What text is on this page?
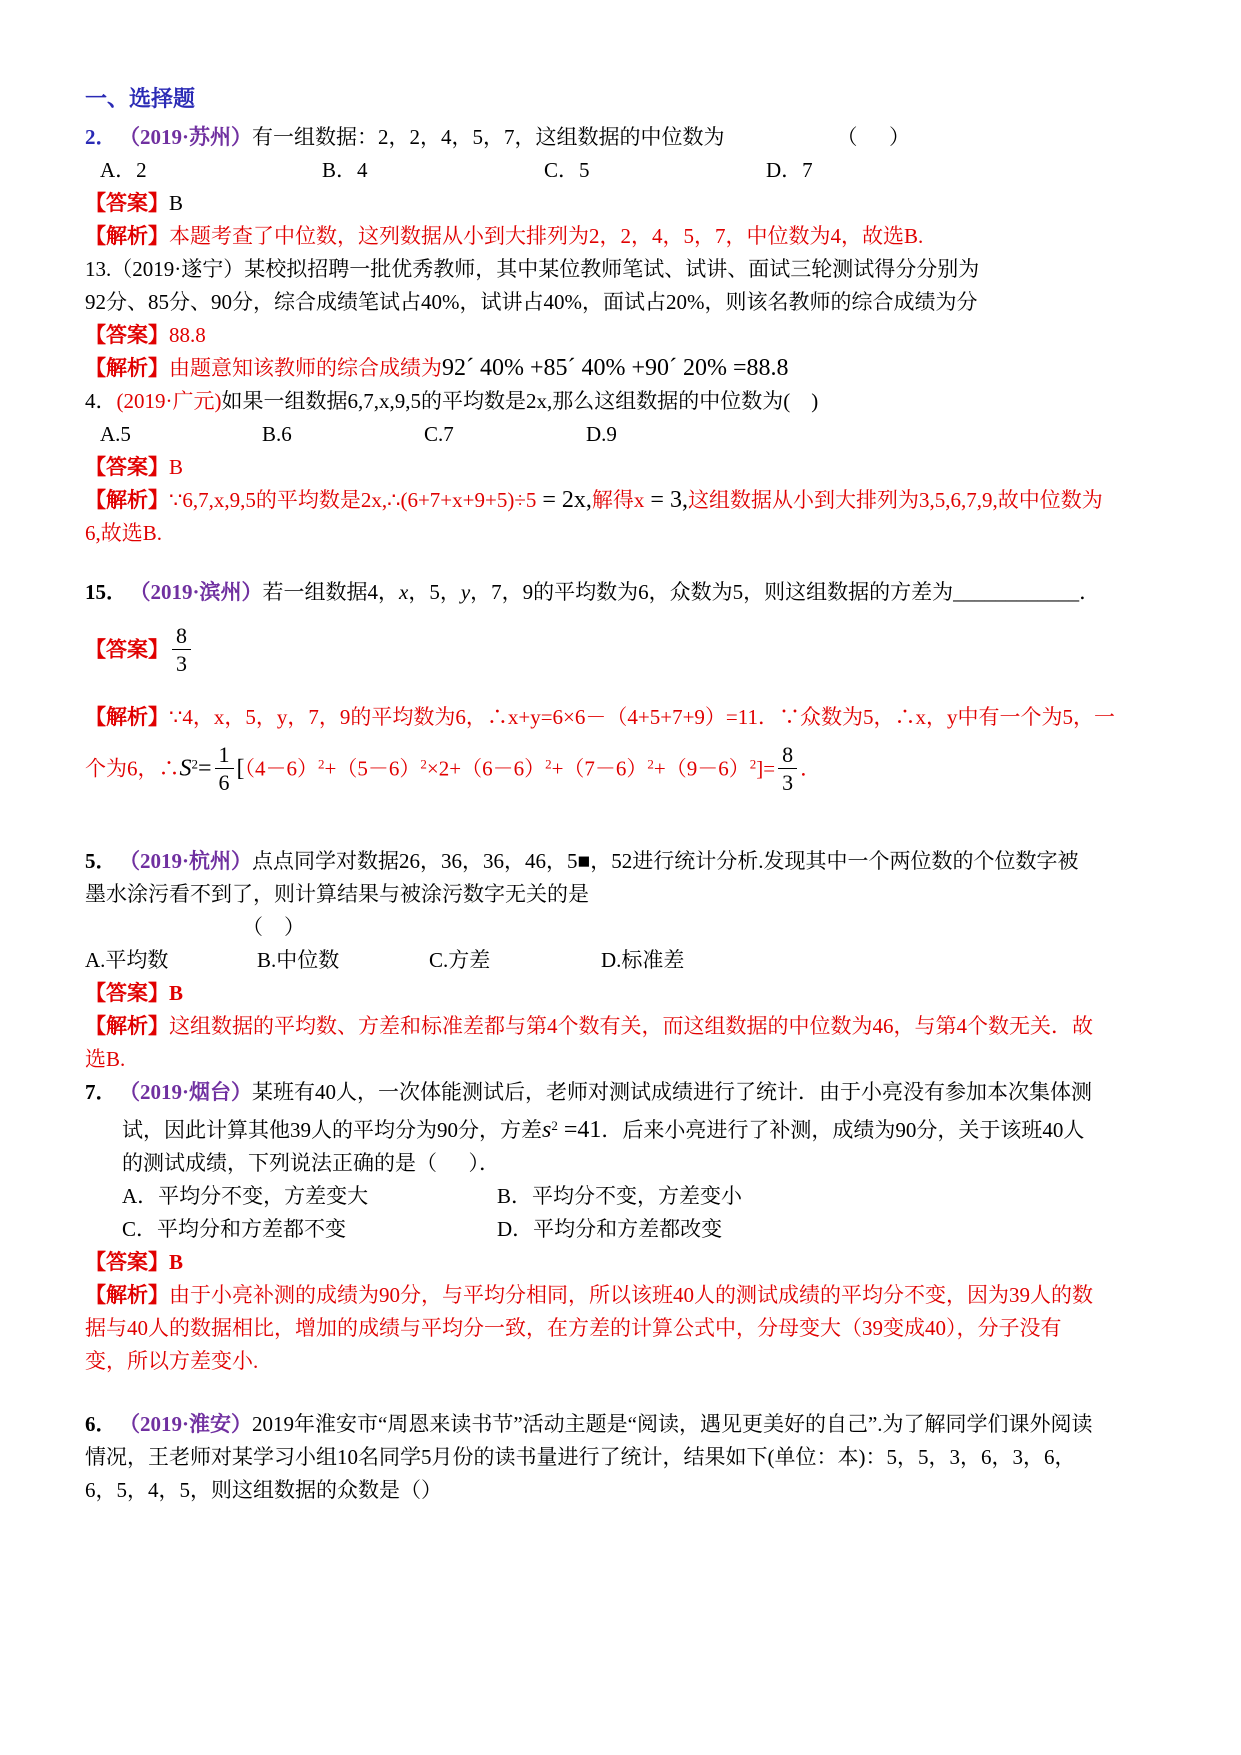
一、选择题
2． （2019·苏州）有一组数据：2，2，4，5，7，这组数据的中位数为	（      ）
A．2	B．4	C．5	D．7
【答案】B
【解析】本题考查了中位数，这列数据从小到大排列为2，2，4，5，7，中位数为4，故选B.
13.（2019·遂宁）某校拟招聘一批优秀教师，其中某位教师笔试、试讲、面试三轮测试得分分别为
92分、85分、90分，综合成绩笔试占40%，试讲占40%，面试占20%，则该名教师的综合成绩为分
【答案】88.8
【解析】由题意知该教师的综合成绩为92´ 40% +85´ 40% +90´ 20% =88.8
4．(2019·广元)如果一组数据6,7,x,9,5的平均数是2x,那么这组数据的中位数为(　)
A.5	B.6	C.7	D.9
【答案】B
【解析】∵6,7,x,9,5的平均数是2x,∴(6+7+x+9+5)÷5 = 2x,解得x = 3,这组数据从小到大排列为3,5,6,7,9,故中位数为
6,故选B.
15． （2019·滨州）若一组数据4，x，5，y，7，9的平均数为6，众数为5，则这组数据的方差为____________．
【答案】 $\frac{8}{3}$
【解析】∵4，x，5，y，7，9的平均数为6，∴x+y=6×6－（4+5+7+9）=11．∵众数为5，∴x，y中有一个为5，一
个为6，$\therefore S^2= \frac{1}{6} [(4-6)^2+(5-6)^2\times 2+(6-6)^2+(7-6)^2+(9-6)^2]= \frac{8}{3}$ ．
5． （2019·杭州）点点同学对数据26，36，36，46，5■，52进行统计分析.发现其中一个两位数的个位数字被
墨水涂污看不到了，则计算结果与被涂污数字无关的是
（    ）
A.平均数	B.中位数	C.方差	D.标准差
【答案】B
【解析】这组数据的平均数、方差和标准差都与第4个数有关，而这组数据的中位数为46，与第4个数无关．故
选B.
7． （2019·烟台）某班有40人，一次体能测试后，老师对测试成绩进行了统计．由于小亮没有参加本次集体测
试，因此计算其他39人的平均分为90分，方差$s^2 =41$．后来小亮进行了补测，成绩为90分，关于该班40人
的测试成绩，下列说法正确的是（      ）．
A．平均分不变，方差变大	B．平均分不变，方差变小
C．平均分和方差都不变	D．平均分和方差都改变
【答案】B
【解析】由于小亮补测的成绩为90分，与平均分相同，所以该班40人的测试成绩的平均分不变，因为39人的数
据与40人的数据相比，增加的成绩与平均分一致，在方差的计算公式中，分母变大（39变成40），分子没有
变，所以方差变小.
6． （2019·淮安）2019年淮安市“周恩来读书节”活动主题是“阅读，遇见更美好的自己”.为了解同学们课外阅读
情况，王老师对某学习小组10名同学5月份的读书量进行了统计，结果如下(单位：本)：5，5，3，6，3，6，
6，5，4，5，则这组数据的众数是（）
